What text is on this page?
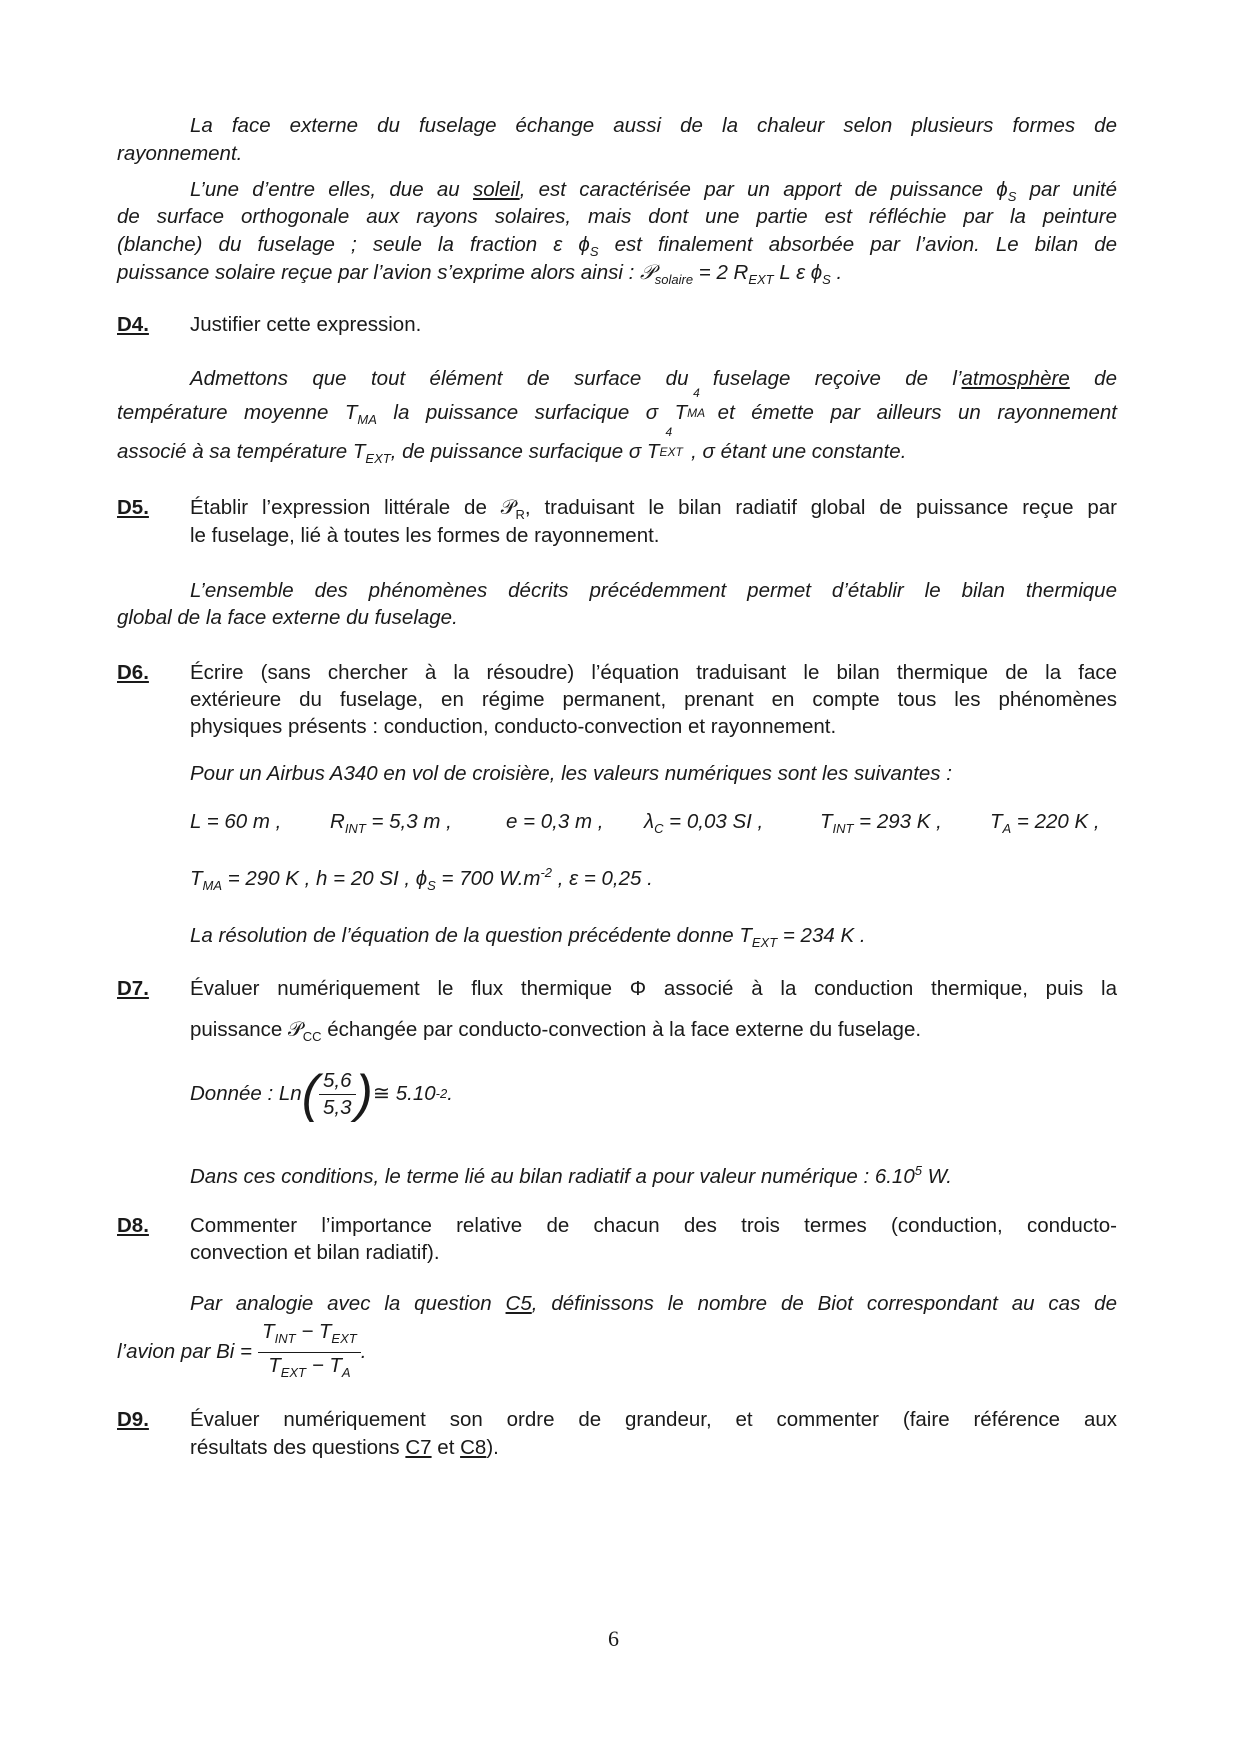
La face externe du fuselage échange aussi de la chaleur selon plusieurs formes de
rayonnement.
L’une d’entre elles, due au soleil, est caractérisée par un apport de puissance $\phi_S$ par unité
de surface orthogonale aux rayons solaires, mais dont une partie est réfléchie par la peinture
(blanche) du fuselage ; seule la fraction ε $\phi_S$ est finalement absorbée par l’avion. Le bilan de
puissance solaire reçue par l’avion s’exprime alors ainsi : 𝒫$_{solaire}$ = 2 $R_{EXT}$ L ε $\phi_S$ .
D4. Justifier cette expression.
Admettons que tout élément de surface du fuselage reçoive de l’atmosphère de
température moyenne $T_{MA}$ la puissance surfacique σ T
4
MA
et émette par ailleurs un rayonnement
associé à sa température $T_{EXT}$, de puissance surfacique σ T
4
EXT , σ étant une constante.
D5. Établir l’expression littérale de 𝒫$_R$, traduisant le bilan radiatif global de puissance reçue par
le fuselage, lié à toutes les formes de rayonnement.
L’ensemble des phénomènes décrits précédemment permet d’établir le bilan thermique
global de la face externe du fuselage.
D6. Écrire (sans chercher à la résoudre) l’équation traduisant le bilan thermique de la face
extérieure du fuselage, en régime permanent, prenant en compte tous les phénomènes
physiques présents : conduction, conducto-convection et rayonnement.
Pour un Airbus A340 en vol de croisière, les valeurs numériques sont les suivantes :
L = 60 m , $R_{INT} = 5,3$ m ,	e = 0,3 m , $\lambda_C = 0,03$ SI ,	$T_{INT} = 293$ K , $T_A = 220$ K ,
$T_{MA} = 290$ K , h = 20 SI , $\phi_S = 700$ $W.m^{-2}$ , ε = 0,25 .
La résolution de l’équation de la question précédente donne $T_{EXT} = 234$ K .
D7. Évaluer numériquement le flux thermique Φ associé à la conduction thermique, puis la
puissance 𝒫$_{CC}$ échangée par conducto-convection à la face externe du fuselage.
Donnée : Ln ( $\frac{5,6}{5,3}$ ) ≅ 5.10 -2 .
Dans ces conditions, le terme lié au bilan radiatif a pour valeur numérique : 6.10$^5$ W.
D8. Commenter l’importance relative de chacun des trois termes (conduction, conducto-
convection et bilan radiatif).
Par analogie avec la question C5, définissons le nombre de Biot correspondant au cas de
l’avion par $Bi = \frac{T_{INT} - T_{EXT}}{T_{EXT} - T_A}$ .
D9. Évaluer numériquement son ordre de grandeur, et commenter (faire référence aux
résultats des questions C7 et C8).
6
